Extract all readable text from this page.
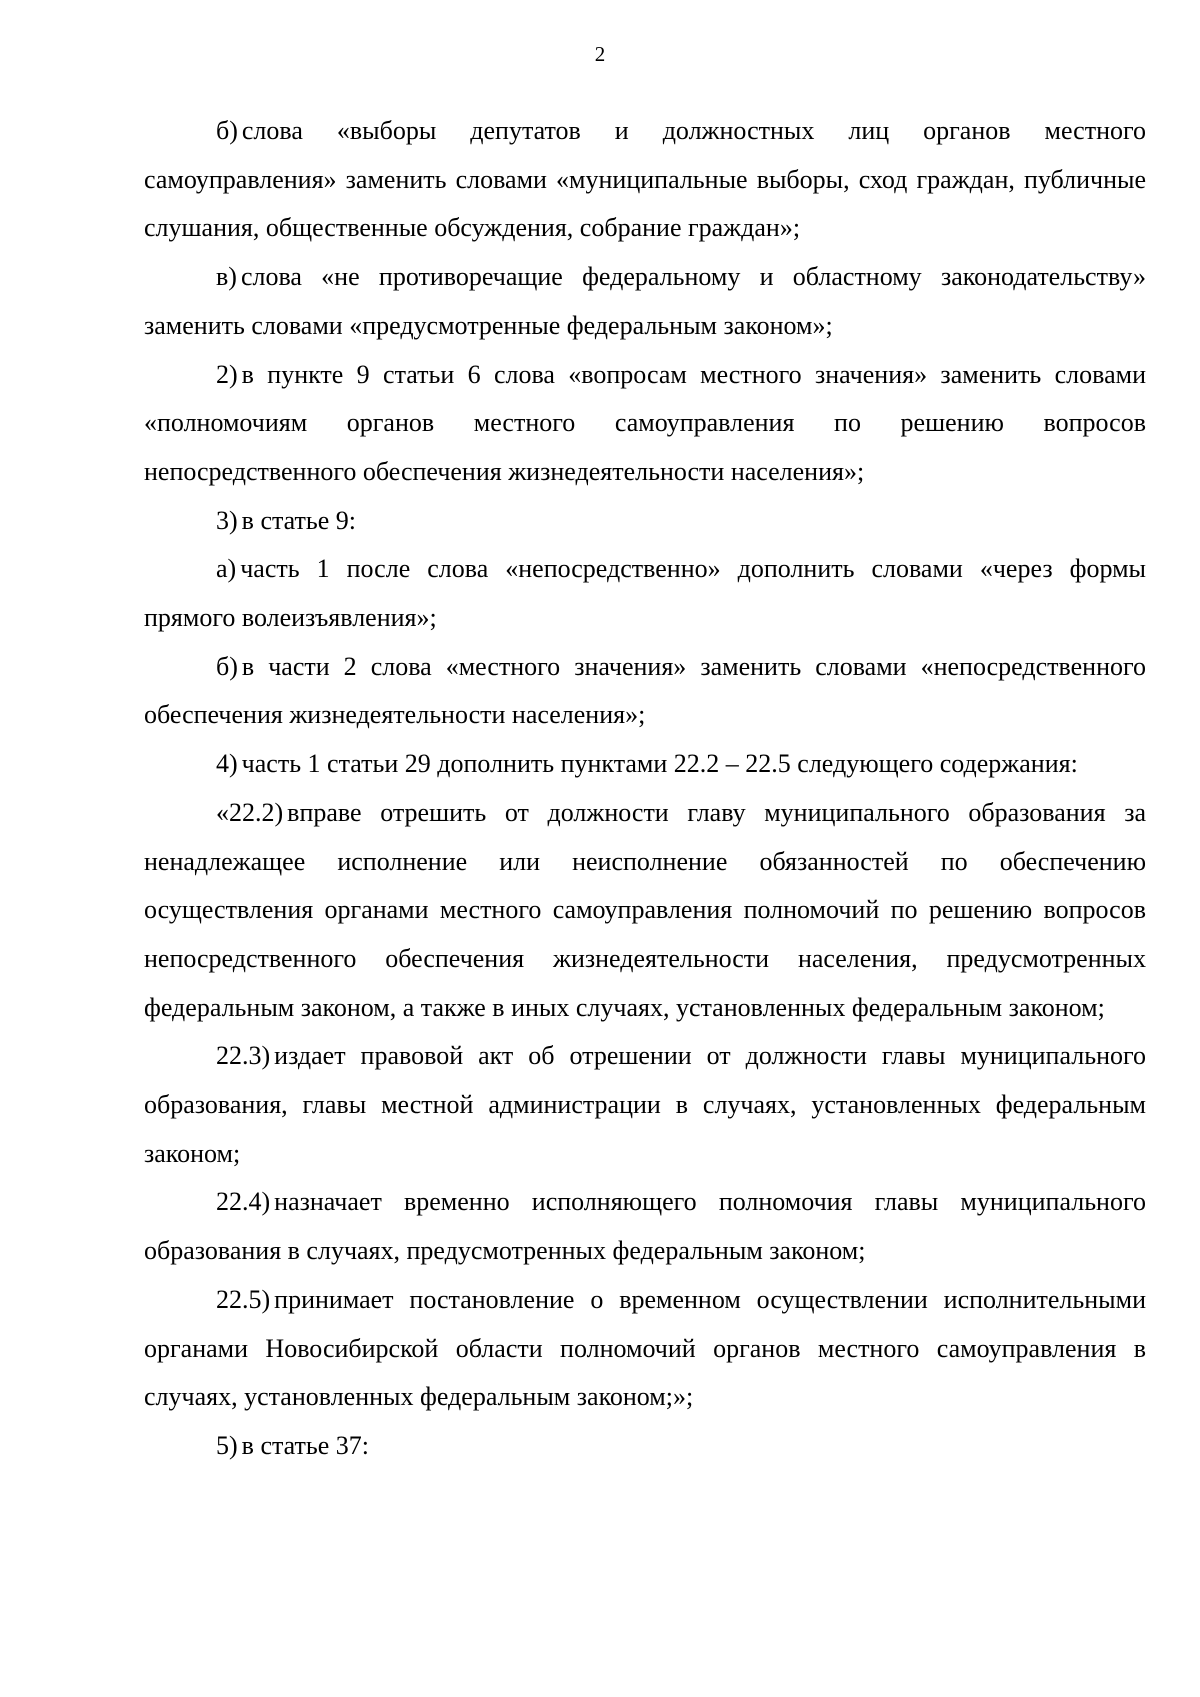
2

б) слова «выборы депутатов и должностных лиц органов местного самоуправления» заменить словами «муниципальные выборы, сход граждан, публичные слушания, общественные обсуждения, собрание граждан»;

в) слова «не противоречащие федеральному и областному законодательству» заменить словами «предусмотренные федеральным законом»;

2) в пункте 9 статьи 6 слова «вопросам местного значения» заменить словами «полномочиям органов местного самоуправления по решению вопросов непосредственного обеспечения жизнедеятельности населения»;

3) в статье 9:

а) часть 1 после слова «непосредственно» дополнить словами «через формы прямого волеизъявления»;

б) в части 2 слова «местного значения» заменить словами «непосредственного обеспечения жизнедеятельности населения»;

4) часть 1 статьи 29 дополнить пунктами 22.2 – 22.5 следующего содержания:

«22.2) вправе отрешить от должности главу муниципального образования за ненадлежащее исполнение или неисполнение обязанностей по обеспечению осуществления органами местного самоуправления полномочий по решению вопросов непосредственного обеспечения жизнедеятельности населения, предусмотренных федеральным законом, а также в иных случаях, установленных федеральным законом;

22.3) издает правовой акт об отрешении от должности главы муниципального образования, главы местной администрации в случаях, установленных федеральным законом;

22.4) назначает временно исполняющего полномочия главы муниципального образования в случаях, предусмотренных федеральным законом;

22.5) принимает постановление о временном осуществлении исполнительными органами Новосибирской области полномочий органов местного самоуправления в случаях, установленных федеральным законом;»;

5) в статье 37:
